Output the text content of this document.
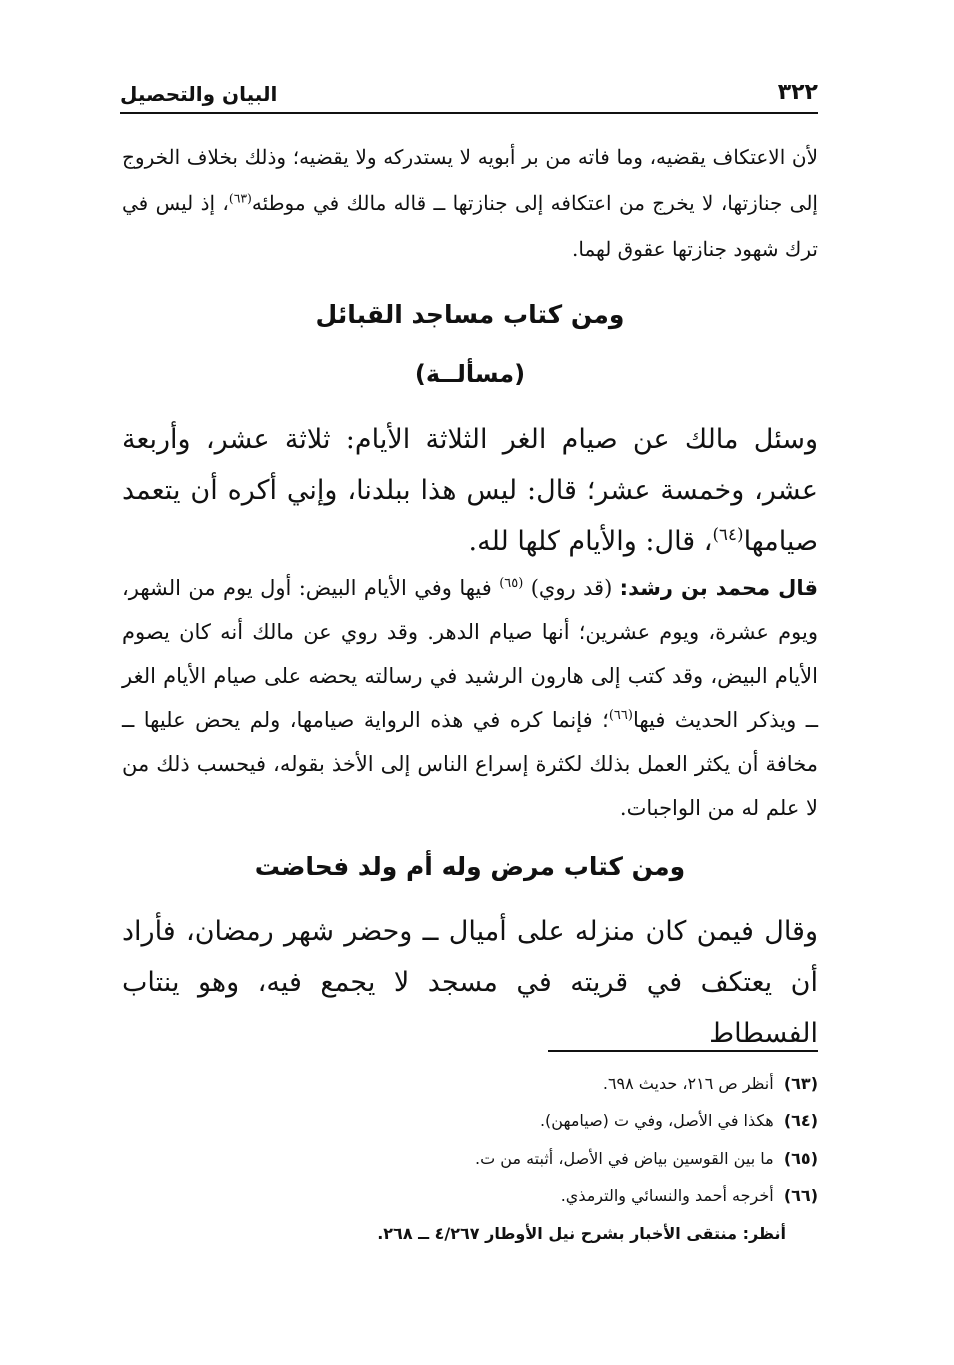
٣٢٢
البيان والتحصيل
لأن الاعتكاف يقضيه، وما فاته من بر أبويه لا يستدركه ولا يقضيه؛ وذلك بخلاف الخروج إلى جنازتها، لا يخرج من اعتكافه إلى جنازتها ــ قاله مالك في موطئه$^{(٦٣)}$، إذ ليس في ترك شهود جنازتها عقوق لهما.
ومن كتاب مساجد القبائل
(مسألــة)
وسئل مالك عن صيام الغر الثلاثة الأيام: ثلاثة عشر، وأربعة عشر، وخمسة عشر؛ قال: ليس هذا ببلدنا، وإني أكره أن يتعمد صيامها$^{(٦٤)}$، قال: والأيام كلها لله.
قال محمد بن رشد: (قد روي) $^{(٦٥)}$ فيها وفي الأيام البيض: أول يوم من الشهر، ويوم عشرة، ويوم عشرين؛ أنها صيام الدهر. وقد روي عن مالك أنه كان يصوم الأيام البيض، وقد كتب إلى هارون الرشيد في رسالته يحضه على صيام الأيام الغر ــ ويذكر الحديث فيها$^{(٦٦)}$؛ فإنما كره في هذه الرواية صيامها، ولم يحض عليها ــ مخافة أن يكثر العمل بذلك لكثرة إسراع الناس إلى الأخذ بقوله، فيحسب ذلك من لا علم له من الواجبات.
ومن كتاب مرض وله أم ولد فحاضت
وقال فيمن كان منزله على أميال ــ وحضر شهر رمضان، فأراد أن يعتكف في قريته في مسجد لا يجمع فيه، وهو ينتاب الفسطاط
(٦٣)  أنظر ص ٢١٦، حديث ٦٩٨.
(٦٤)  هكذا في الأصل، وفي ت (صيامهن).
(٦٥)  ما بين القوسين بياض في الأصل، أثبته من ت.
(٦٦)  أخرجه أحمد والنسائي والترمذي.
أنظر: منتقى الأخبار بشرح نيل الأوطار ٤/٢٦٧ ــ ٢٦٨.
